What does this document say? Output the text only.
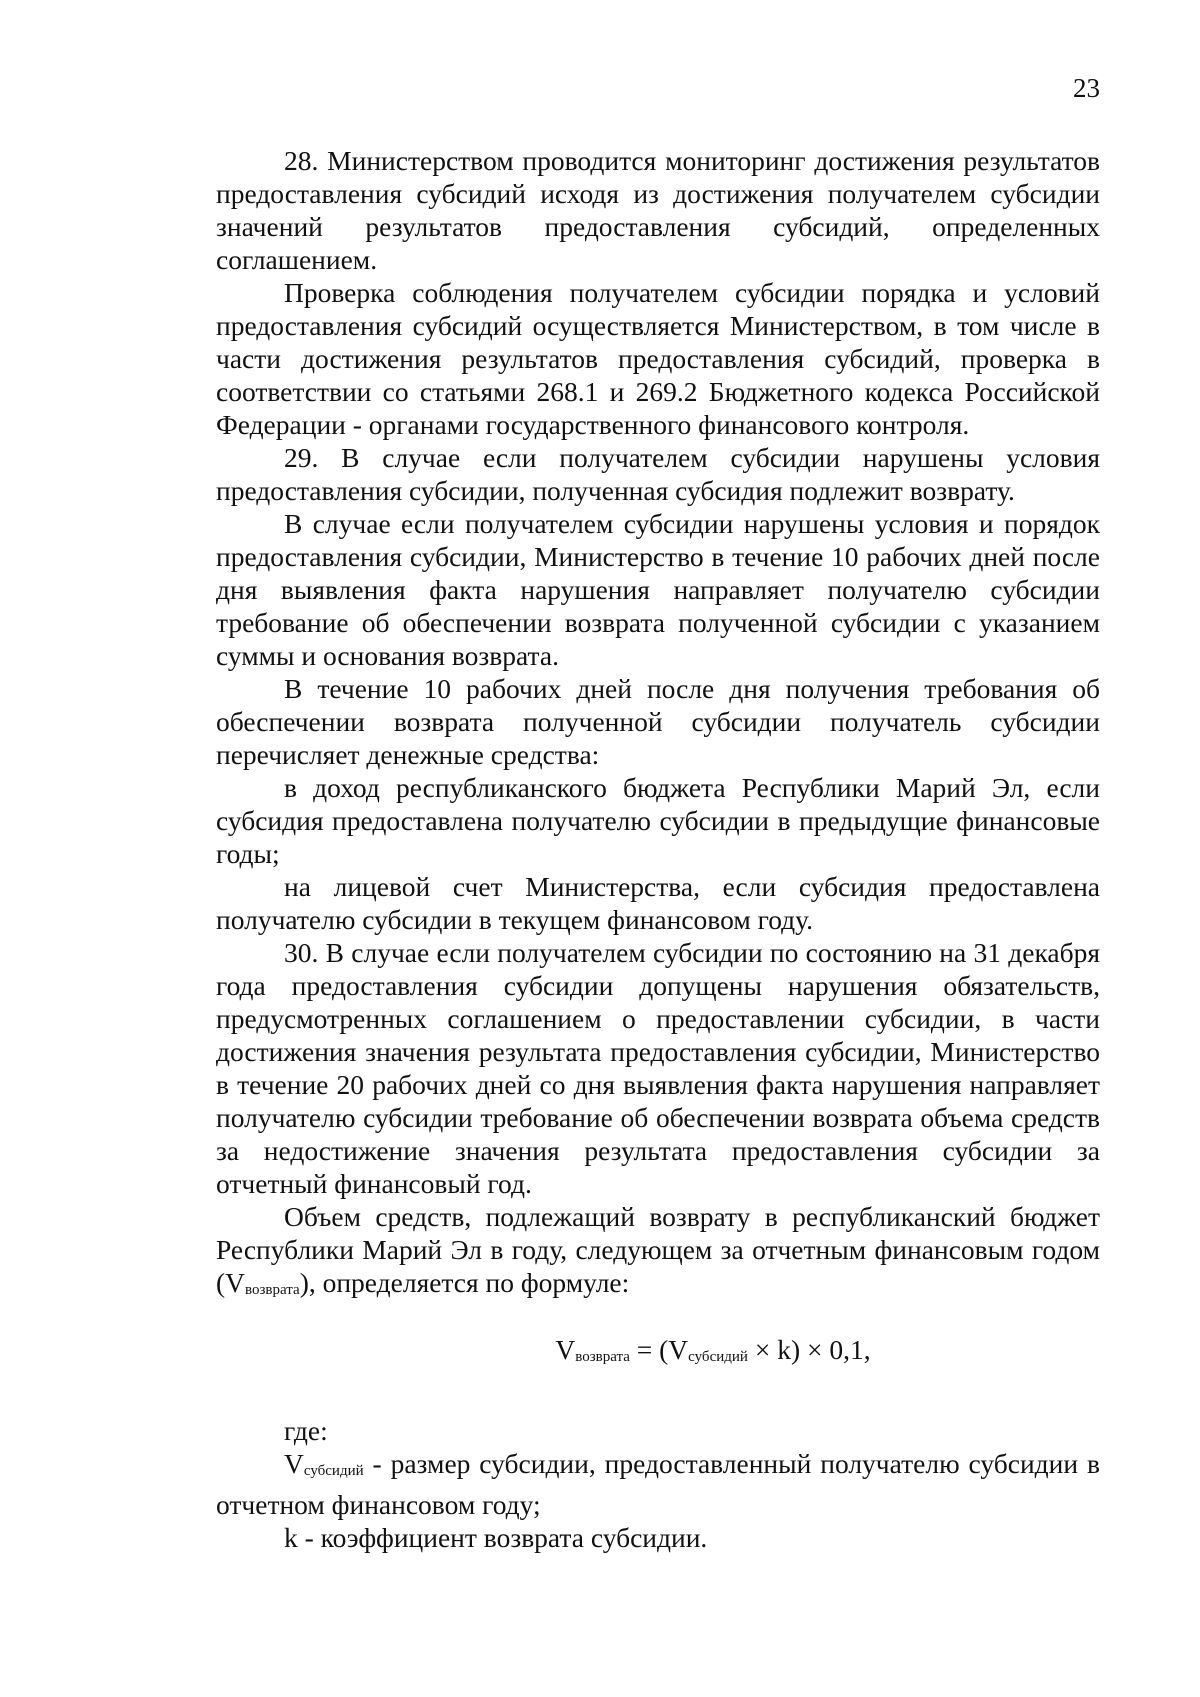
23

28. Министерством проводится мониторинг достижения результатов предоставления субсидий исходя из достижения получателем субсидии значений результатов предоставления субсидий, определенных соглашением.

Проверка соблюдения получателем субсидии порядка и условий предоставления субсидий осуществляется Министерством, в том числе в части достижения результатов предоставления субсидий, проверка в соответствии со статьями 268.1 и 269.2 Бюджетного кодекса Российской Федерации - органами государственного финансового контроля.

29. В случае если получателем субсидии нарушены условия предоставления субсидии, полученная субсидия подлежит возврату.

В случае если получателем субсидии нарушены условия и порядок предоставления субсидии, Министерство в течение 10 рабочих дней после дня выявления факта нарушения направляет получателю субсидии требование об обеспечении возврата полученной субсидии с указанием суммы и основания возврата.

В течение 10 рабочих дней после дня получения требования об обеспечении возврата полученной субсидии получатель субсидии перечисляет денежные средства:

в доход республиканского бюджета Республики Марий Эл, если субсидия предоставлена получателю субсидии в предыдущие финансовые годы;

на лицевой счет Министерства, если субсидия предоставлена получателю субсидии в текущем финансовом году.

30. В случае если получателем субсидии по состоянию на 31 декабря года предоставления субсидии допущены нарушения обязательств, предусмотренных соглашением о предоставлении субсидии, в части достижения значения результата предоставления субсидии, Министерство в течение 20 рабочих дней со дня выявления факта нарушения направляет получателю субсидии требование об обеспечении возврата объема средств за недостижение значения результата предоставления субсидии за отчетный финансовый год.

Объем средств, подлежащий возврату в республиканский бюджет Республики Марий Эл в году, следующем за отчетным финансовым годом (Vвозврата), определяется по формуле:

Vвозврата = (Vсубсидий × k) × 0,1,

где:

Vсубсидий - размер субсидии, предоставленный получателю субсидии в отчетном финансовом году;

k - коэффициент возврата субсидии.
